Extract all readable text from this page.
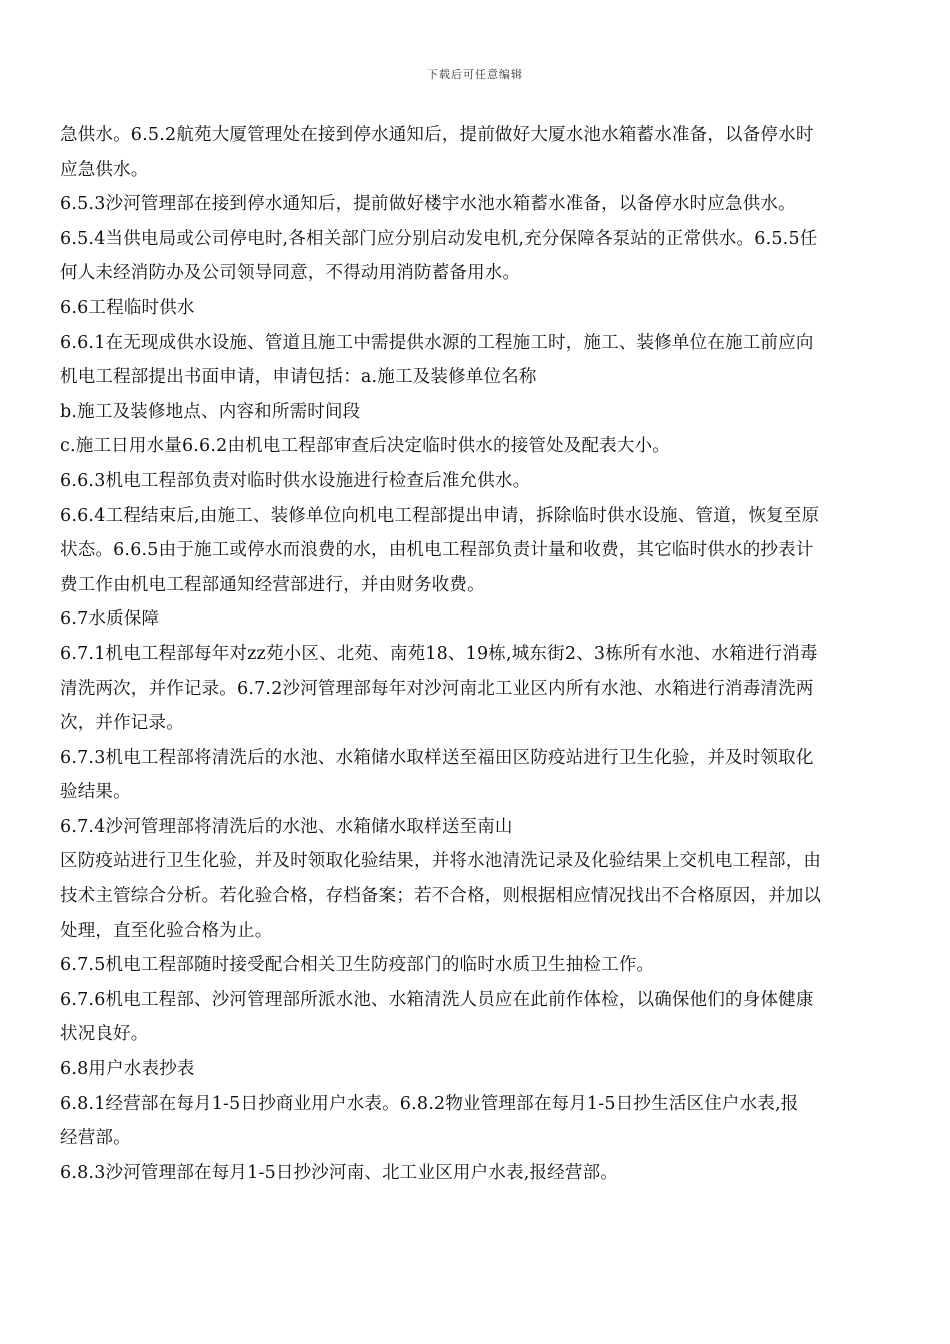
下载后可任意编辑
急供水。6.5.2航苑大厦管理处在接到停水通知后，提前做好大厦水池水箱蓄水准备，以备停水时
应急供水。
6.5.3沙河管理部在接到停水通知后，提前做好楼宇水池水箱蓄水准备，以备停水时应急供水。
6.5.4当供电局或公司停电时,各相关部门应分别启动发电机,充分保障各泵站的正常供水。6.5.5任
何人未经消防办及公司领导同意，不得动用消防蓄备用水。
6.6工程临时供水
6.6.1在无现成供水设施、管道且施工中需提供水源的工程施工时，施工、装修单位在施工前应向
机电工程部提出书面申请，申请包括：a.施工及装修单位名称
b.施工及装修地点、内容和所需时间段
c.施工日用水量6.6.2由机电工程部审查后决定临时供水的接管处及配表大小。
6.6.3机电工程部负责对临时供水设施进行检查后准允供水。
6.6.4工程结束后,由施工、装修单位向机电工程部提出申请，拆除临时供水设施、管道，恢复至原
状态。6.6.5由于施工或停水而浪费的水，由机电工程部负责计量和收费，其它临时供水的抄表计
费工作由机电工程部通知经营部进行，并由财务收费。
6.7水质保障
6.7.1机电工程部每年对zz苑小区、北苑、南苑18、19栋,城东街2、3栋所有水池、水箱进行消毒
清洗两次，并作记录。6.7.2沙河管理部每年对沙河南北工业区内所有水池、水箱进行消毒清洗两
次，并作记录。
6.7.3机电工程部将清洗后的水池、水箱储水取样送至福田区防疫站进行卫生化验，并及时领取化
验结果。
6.7.4沙河管理部将清洗后的水池、水箱储水取样送至南山
区防疫站进行卫生化验，并及时领取化验结果，并将水池清洗记录及化验结果上交机电工程部，由
技术主管综合分析。若化验合格，存档备案；若不合格，则根据相应情况找出不合格原因，并加以
处理，直至化验合格为止。
6.7.5机电工程部随时接受配合相关卫生防疫部门的临时水质卫生抽检工作。
6.7.6机电工程部、沙河管理部所派水池、水箱清洗人员应在此前作体检，以确保他们的身体健康
状况良好。
6.8用户水表抄表
6.8.1经营部在每月1-5日抄商业用户水表。6.8.2物业管理部在每月1-5日抄生活区住户水表,报
经营部。
6.8.3沙河管理部在每月1-5日抄沙河南、北工业区用户水表,报经营部。
